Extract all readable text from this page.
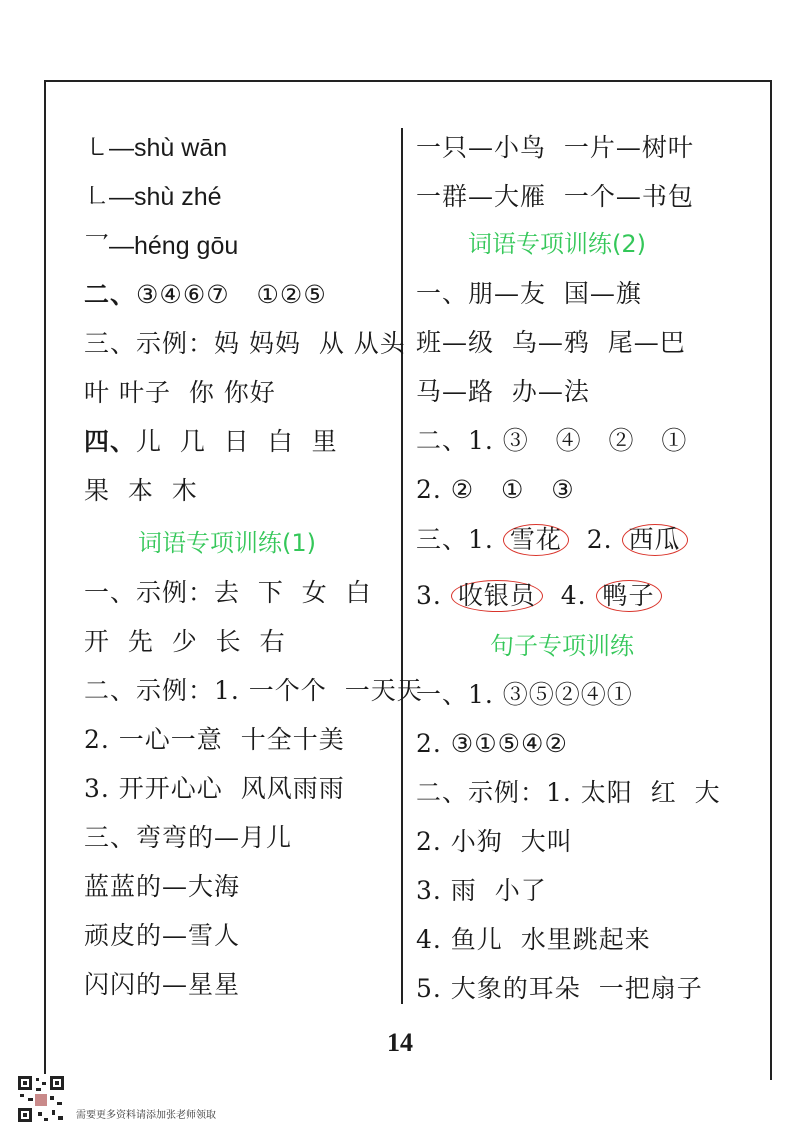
㇄—shù wān
㇗—shù zhé
乛—héng gōu
二、③④⑥⑦   ①②⑤
三、示例：妈 妈妈  从 从头
叶 叶子  你 你好
四、儿  几  日  白  里
果  本  木
词语专项训练(1)
一、示例：去  下  女  白
开  先  少  长  右
二、示例：1. 一个个  一天天
2. 一心一意  十全十美
3. 开开心心  风风雨雨
三、弯弯的—月儿
蓝蓝的—大海
顽皮的—雪人
闪闪的—星星
一只—小鸟  一片—树叶
一群—大雁  一个—书包
词语专项训练(2)
一、朋—友  国—旗
班—级  乌—鸦  尾—巴
马—路  办—法
二、1. ③   ④   ②   ①
2. ②   ①   ③
三、1. 雪花  2. 西瓜
3. 收银员  4. 鸭子
句子专项训练
一、1. ③⑤②④①
2. ③①⑤④②
二、示例：1. 太阳  红  大
2. 小狗  大叫
3. 雨  小了
4. 鱼儿  水里跳起来
5. 大象的耳朵  一把扇子
14
需要更多资料请添加张老师领取
